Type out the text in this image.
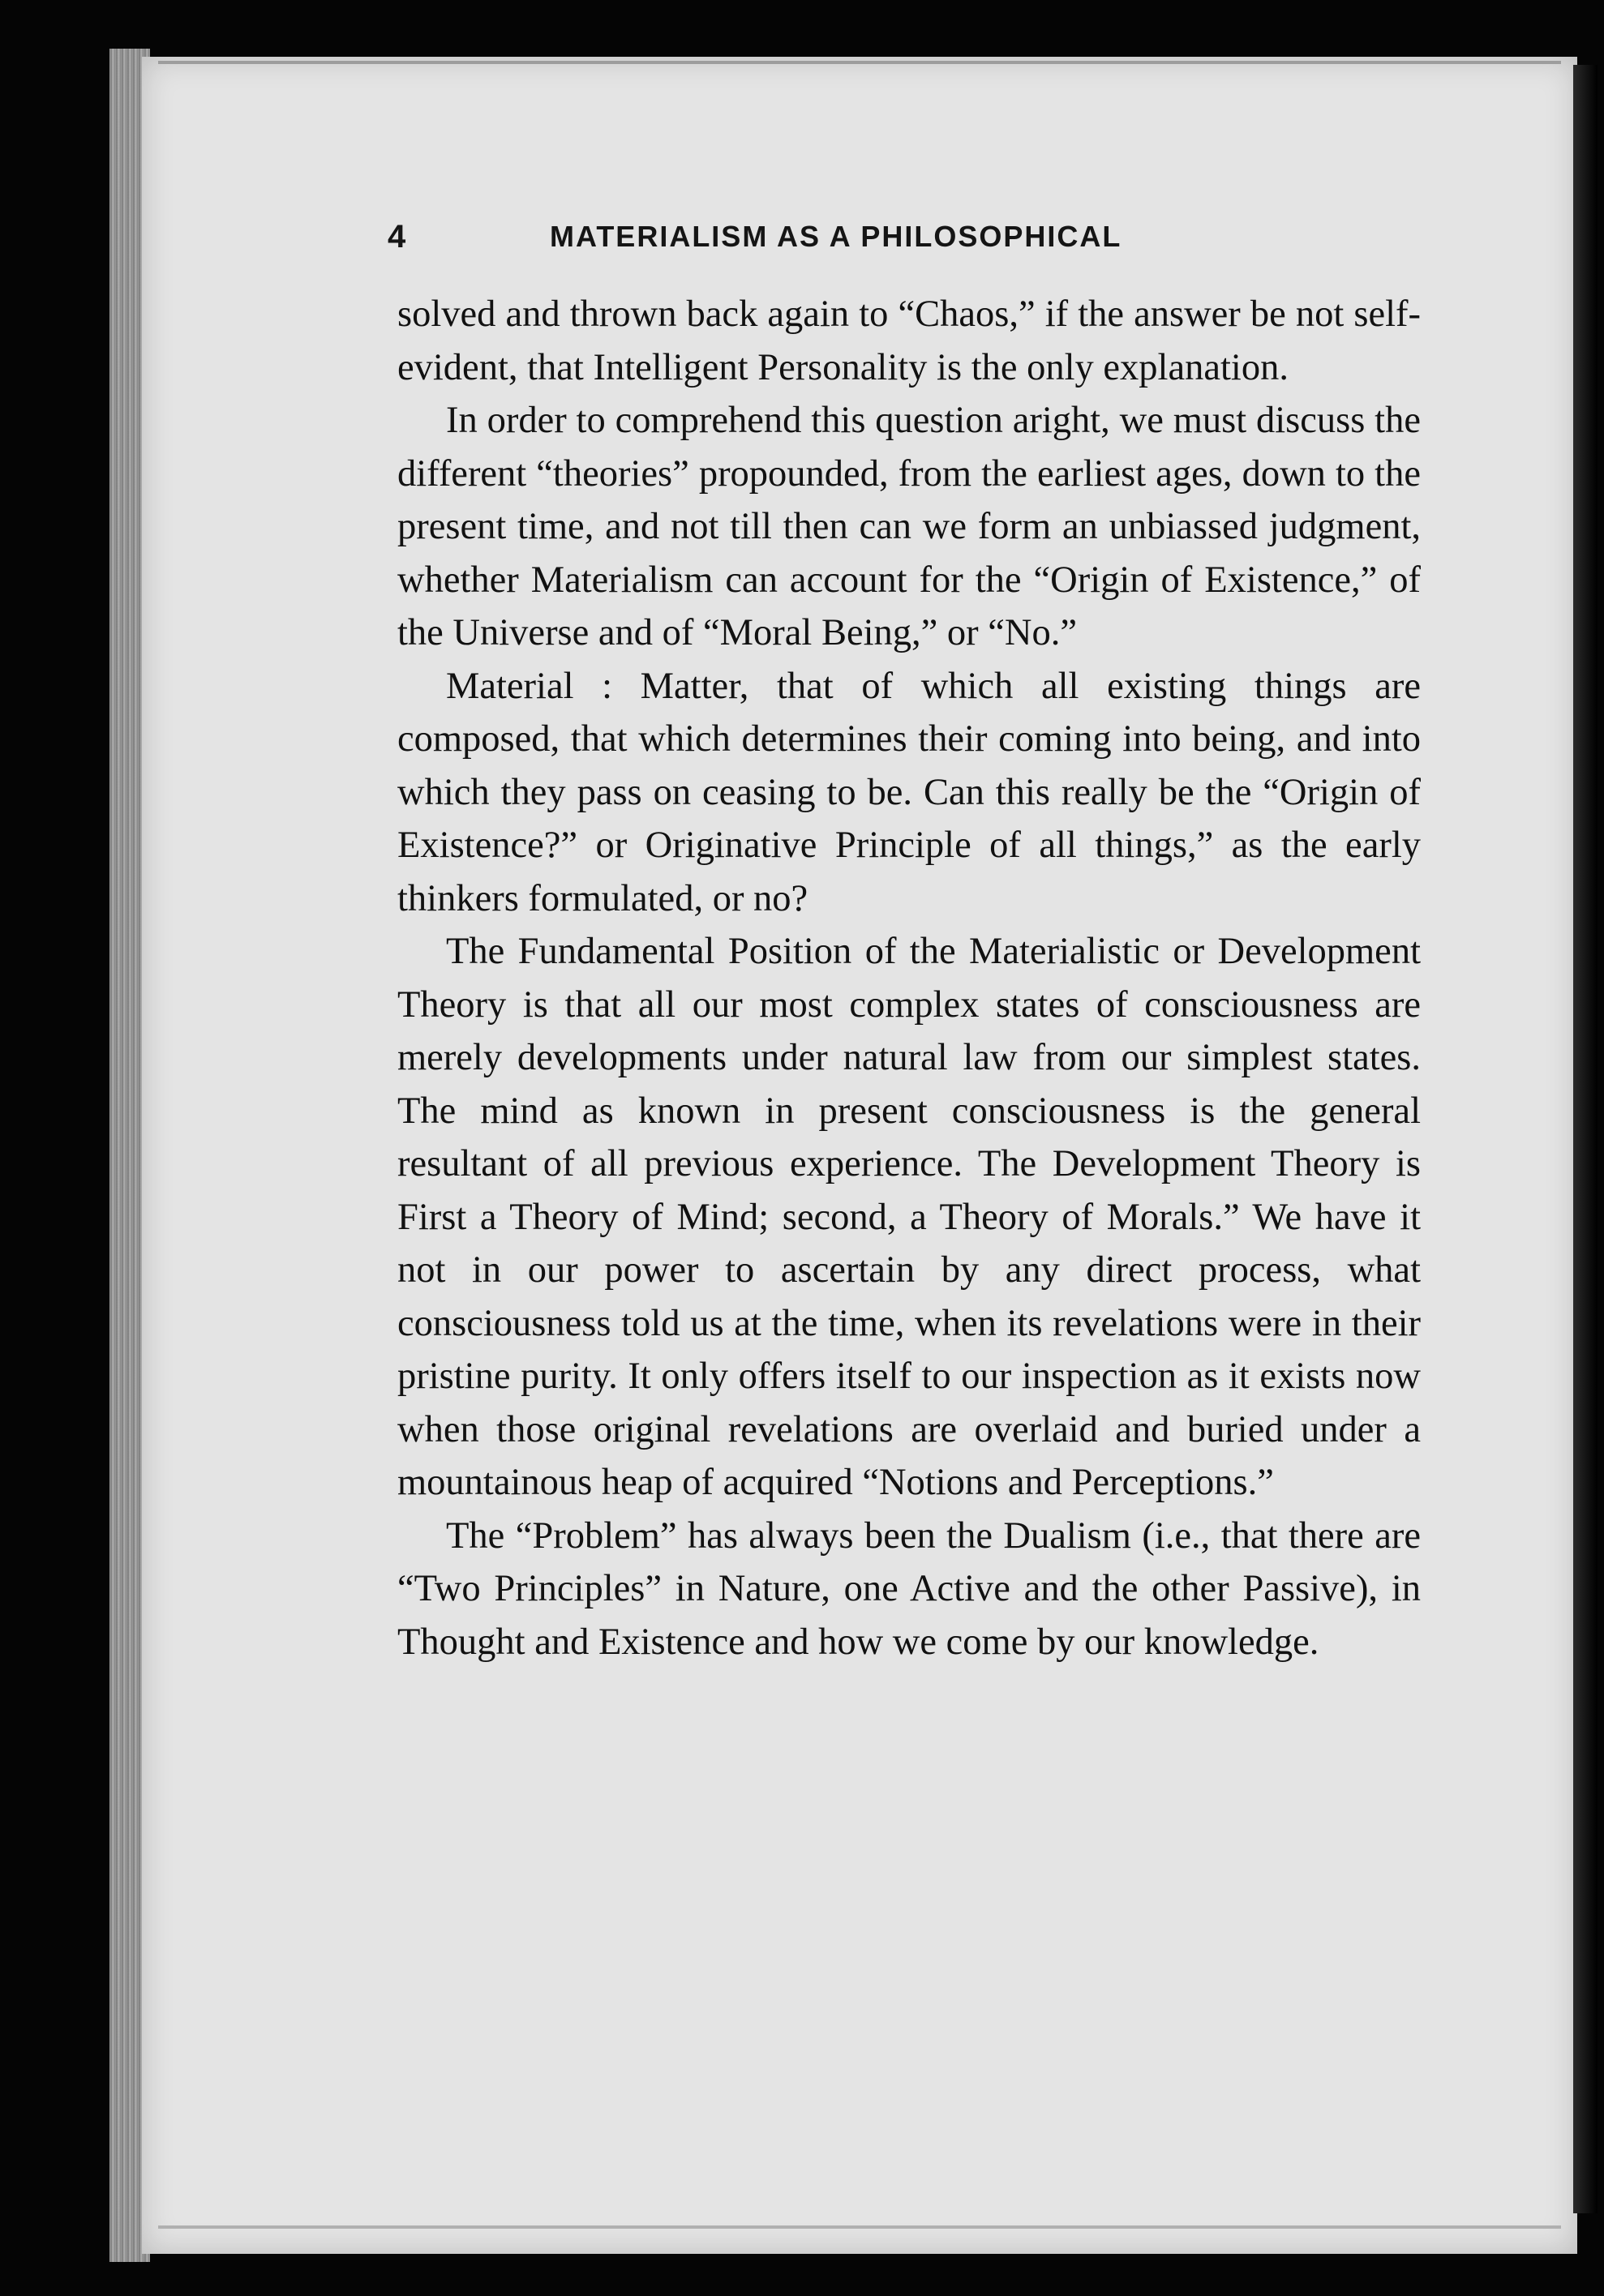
4	MATERIALISM AS A PHILOSOPHICAL

solved and thrown back again to “Chaos,” if the answer be not self-evident, that Intelligent Personality is the only explanation.

In order to comprehend this question aright, we must discuss the different “theories” propounded, from the earliest ages, down to the present time, and not till then can we form an unbiassed judgment, whether Materialism can account for the “Origin of Existence,” of the Universe and of “Moral Being,” or “No.”

Material : Matter, that of which all existing things are composed, that which determines their coming into being, and into which they pass on ceasing to be. Can this really be the “Origin of Existence?” or Originative Principle of all things,” as the early thinkers formulated, or no?

The Fundamental Position of the Materialistic or Development Theory is that all our most complex states of consciousness are merely developments under natural law from our simplest states. The mind as known in present consciousness is the general resultant of all previous experience. The Development Theory is First a Theory of Mind; second, a Theory of Morals.” We have it not in our power to ascertain by any direct process, what consciousness told us at the time, when its revelations were in their pristine purity. It only offers itself to our inspection as it exists now when those original revelations are overlaid and buried under a mountainous heap of acquired “Notions and Perceptions.”

The “Problem” has always been the Dualism (i.e., that there are “Two Principles” in Nature, one Active and the other Passive), in Thought and Existence and how we come by our knowledge.
